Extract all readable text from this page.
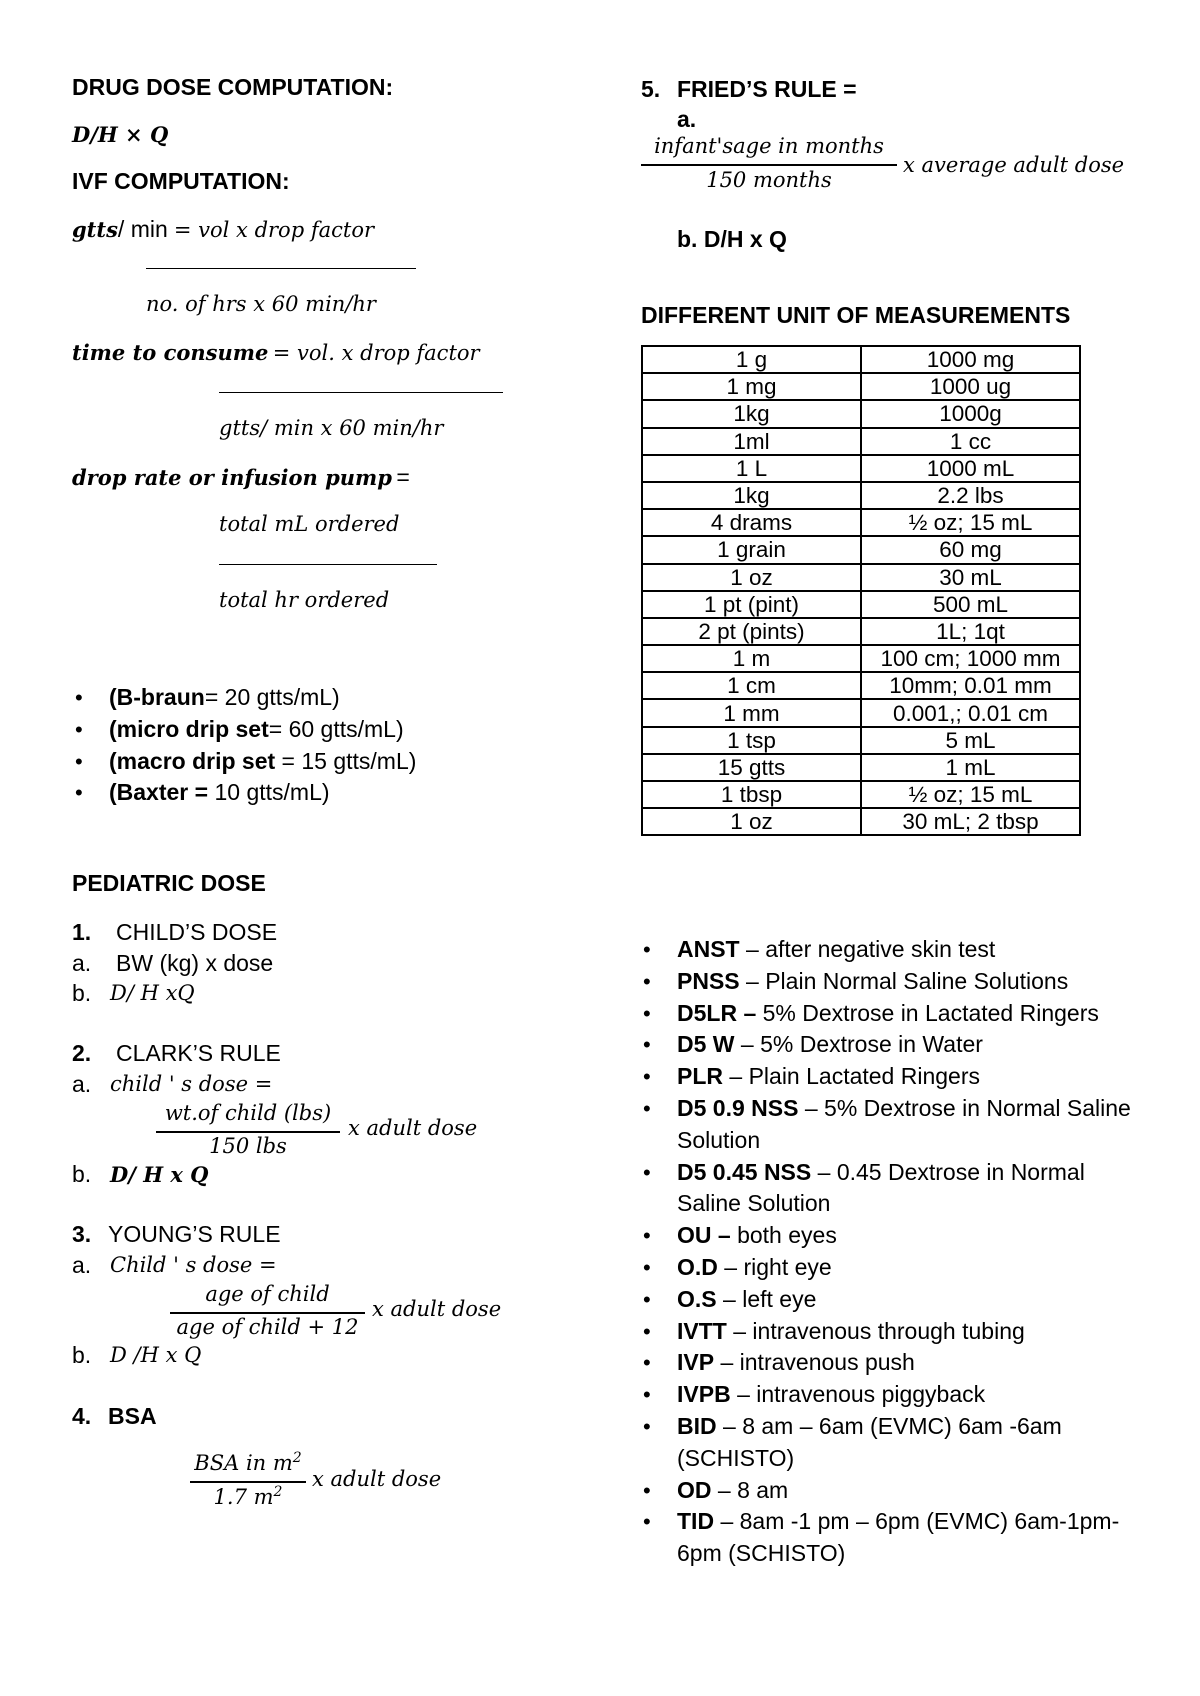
DRUG DOSE COMPUTATION:
D/H × Q
IVF COMPUTATION:
gtts/ min = vol x drop factor
no. of hrs x 60 min/hr
time to consume = vol. x drop factor
gtts/ min x 60 min/hr
drop rate or infusion pump =
total mL ordered
total hr ordered
• (B-braun= 20 gtts/mL)
• (micro drip set= 60 gtts/mL)
• (macro drip set = 15 gtts/mL)
• (Baxter = 10 gtts/mL)
PEDIATRIC DOSE
1. CHILD’S DOSE
a. BW (kg) x dose
b. D/ H xQ
2. CLARK’S RULE
a. child ' s dose =
wt.of child (lbs)
150 lbs
x adult dose
b. D/ H x Q
3. YOUNG’S RULE
a. Child ' s dose =
age of child
age of child + 12
x adult dose
b. D /H x Q
4. BSA
BSA in $m^2$
1.7 $m^2$
x adult dose
5. FRIED’S RULE =
a.
infant'sage in months
150 months
x average adult dose
b. D/H x Q
DIFFERENT UNIT OF MEASUREMENTS
1 g	1000 mg
1 mg	1000 ug
1kg	1000g
1ml	1 cc
1 L	1000 mL
1kg	2.2 lbs
4 drams	½ oz; 15 mL
1 grain	60 mg
1 oz	30 mL
1 pt (pint)	500 mL
2 pt (pints)	1L; 1qt
1 m	100 cm; 1000 mm
1 cm	10mm; 0.01 mm
1 mm	0.001,; 0.01 cm
1 tsp	5 mL
15 gtts	1 mL
1 tbsp	½ oz; 15 mL
1 oz	30 mL; 2 tbsp
• ANST – after negative skin test
• PNSS – Plain Normal Saline Solutions
• D5LR – 5% Dextrose in Lactated Ringers
• D5 W – 5% Dextrose in Water
• PLR – Plain Lactated Ringers
• D5 0.9 NSS – 5% Dextrose in Normal Saline Solution
• D5 0.45 NSS – 0.45 Dextrose in Normal Saline Solution
• OU – both eyes
• O.D – right eye
• O.S – left eye
• IVTT – intravenous through tubing
• IVP – intravenous push
• IVPB – intravenous piggyback
• BID – 8 am – 6am (EVMC) 6am -6am (SCHISTO)
• OD – 8 am
• TID – 8am -1 pm – 6pm (EVMC) 6am-1pm-6pm (SCHISTO)
